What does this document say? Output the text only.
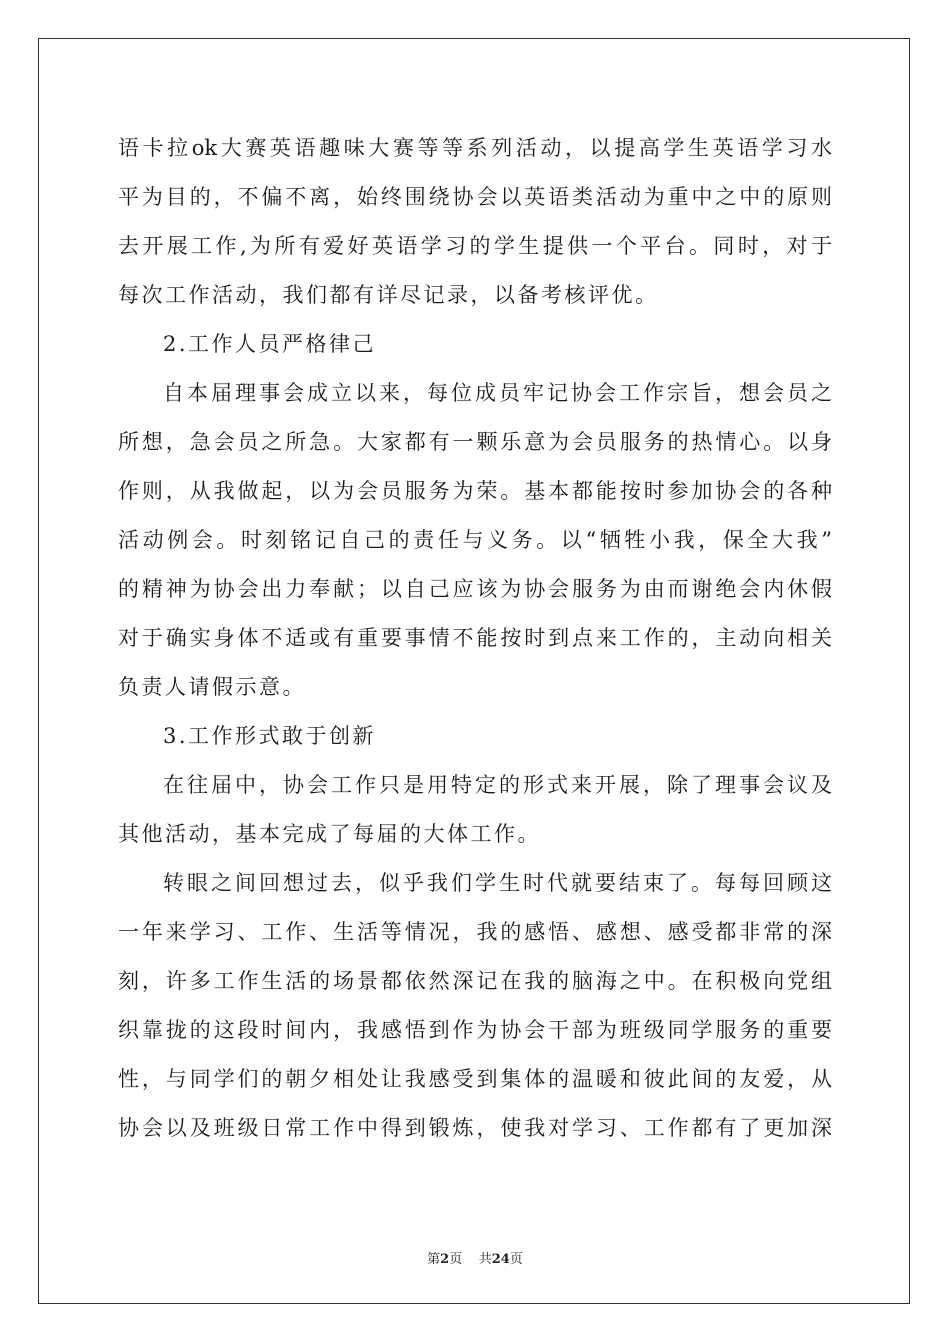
语卡拉ok大赛英语趣味大赛等等系列活动，以提高学生英语学习水
平为目的，不偏不离，始终围绕协会以英语类活动为重中之中的原则
去开展工作,为所有爱好英语学习的学生提供一个平台。同时，对于
每次工作活动，我们都有详尽记录，以备考核评优。
2.工作人员严格律己
自本届理事会成立以来，每位成员牢记协会工作宗旨，想会员之
所想，急会员之所急。大家都有一颗乐意为会员服务的热情心。以身
作则，从我做起，以为会员服务为荣。基本都能按时参加协会的各种
活动例会。时刻铭记自己的责任与义务。以“牺牲小我，保全大我”
的精神为协会出力奉献；以自己应该为协会服务为由而谢绝会内休假
对于确实身体不适或有重要事情不能按时到点来工作的，主动向相关
负责人请假示意。
3.工作形式敢于创新
在往届中，协会工作只是用特定的形式来开展，除了理事会议及
其他活动，基本完成了每届的大体工作。
转眼之间回想过去，似乎我们学生时代就要结束了。每每回顾这
一年来学习、工作、生活等情况，我的感悟、感想、感受都非常的深
刻，许多工作生活的场景都依然深记在我的脑海之中。在积极向党组
织靠拢的这段时间内，我感悟到作为协会干部为班级同学服务的重要
性，与同学们的朝夕相处让我感受到集体的温暖和彼此间的友爱，从
协会以及班级日常工作中得到锻炼，使我对学习、工作都有了更加深
第2页 共24页
